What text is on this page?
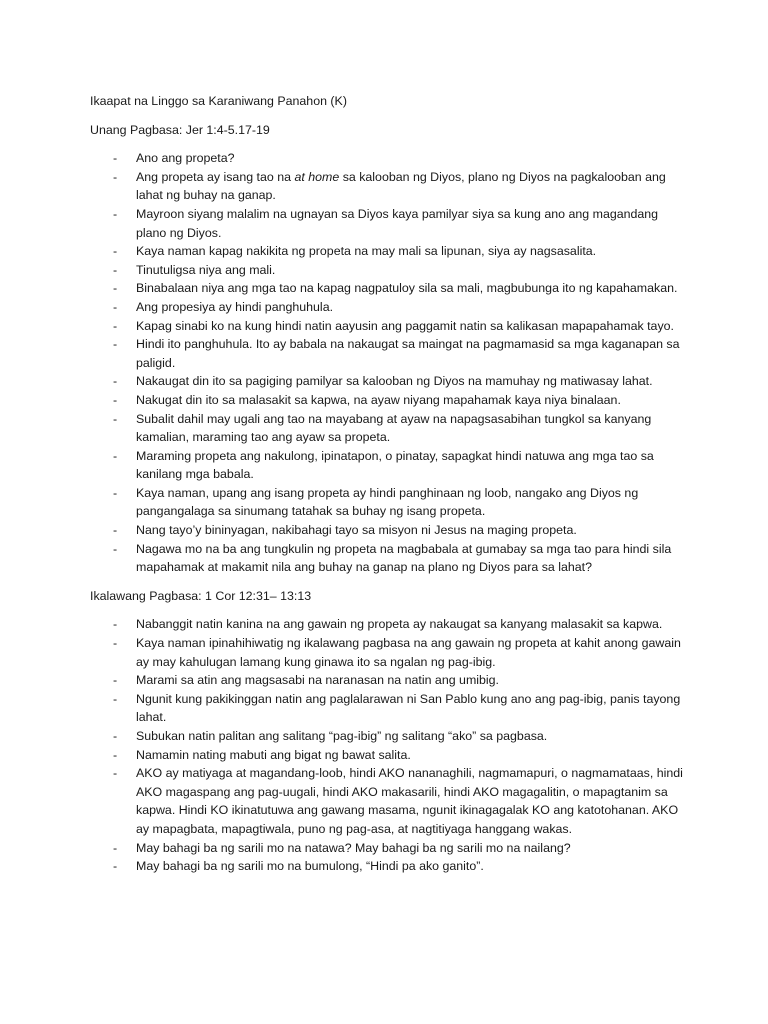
Ikaapat na Linggo sa Karaniwang Panahon (K)
Unang Pagbasa: Jer 1:4-5.17-19
- Ano ang propeta?
- Ang propeta ay isang tao na at home sa kalooban ng Diyos, plano ng Diyos na pagkalooban ang lahat ng buhay na ganap.
- Mayroon siyang malalim na ugnayan sa Diyos kaya pamilyar siya sa kung ano ang magandang plano ng Diyos.
- Kaya naman kapag nakikita ng propeta na may mali sa lipunan, siya ay nagsasalita.
- Tinutuligsa niya ang mali.
- Binabalaan niya ang mga tao na kapag nagpatuloy sila sa mali, magbubunga ito ng kapahamakan.
- Ang propesiya ay hindi panghuhula.
- Kapag sinabi ko na kung hindi natin aayusin ang paggamit natin sa kalikasan mapapahamak tayo.
- Hindi ito panghuhula. Ito ay babala na nakaugat sa maingat na pagmamasid sa mga kaganapan sa paligid.
- Nakaugat din ito sa pagiging pamilyar sa kalooban ng Diyos na mamuhay ng matiwasay lahat.
- Nakugat din ito sa malasakit sa kapwa, na ayaw niyang mapahamak kaya niya binalaan.
- Subalit dahil may ugali ang tao na mayabang at ayaw na napagsasabihan tungkol sa kanyang kamalian, maraming tao ang ayaw sa propeta.
- Maraming propeta ang nakulong, ipinatapon, o pinatay, sapagkat hindi natuwa ang mga tao sa kanilang mga babala.
- Kaya naman, upang ang isang propeta ay hindi panghinaan ng loob, nangako ang Diyos ng pangangalaga sa sinumang tatahak sa buhay ng isang propeta.
- Nang tayo’y bininyagan, nakibahagi tayo sa misyon ni Jesus na maging propeta.
- Nagawa mo na ba ang tungkulin ng propeta na magbabala at gumabay sa mga tao para hindi sila mapahamak at makamit nila ang buhay na ganap na plano ng Diyos para sa lahat?
Ikalawang Pagbasa: 1 Cor 12:31– 13:13
- Nabanggit natin kanina na ang gawain ng propeta ay nakaugat sa kanyang malasakit sa kapwa.
- Kaya naman ipinahihiwatig ng ikalawang pagbasa na ang gawain ng propeta at kahit anong gawain ay may kahulugan lamang kung ginawa ito sa ngalan ng pag-ibig.
- Marami sa atin ang magsasabi na naranasan na natin ang umibig.
- Ngunit kung pakikinggan natin ang paglalarawan ni San Pablo kung ano ang pag-ibig, panis tayong lahat.
- Subukan natin palitan ang salitang “pag-ibig” ng salitang “ako” sa pagbasa.
- Namamin nating mabuti ang bigat ng bawat salita.
- AKO ay matiyaga at magandang-loob, hindi AKO nananaghili, nagmamapuri, o nagmamataas, hindi AKO magaspang ang pag-uugali, hindi AKO makasarili, hindi AKO magagalitin, o mapagtanim sa kapwa. Hindi KO ikinatutuwa ang gawang masama, ngunit ikinagagalak KO ang katotohanan. AKO ay mapagbata, mapagtiwala, puno ng pag-asa, at nagtitiyaga hanggang wakas.
- May bahagi ba ng sarili mo na natawa? May bahagi ba ng sarili mo na nailang?
- May bahagi ba ng sarili mo na bumulong, “Hindi pa ako ganito”.
